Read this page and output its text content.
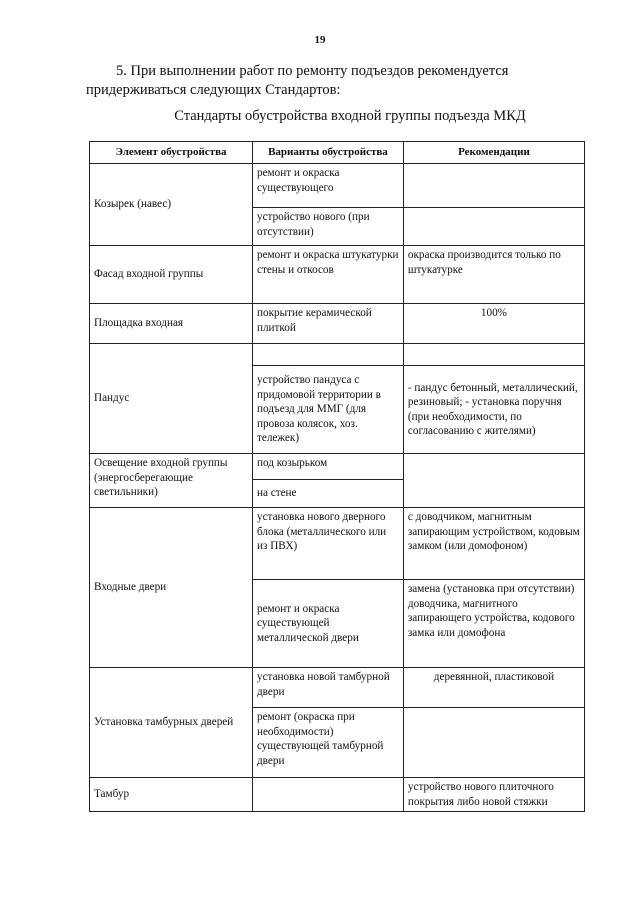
19
5. При выполнении работ по ремонту подъездов рекомендуется придерживаться следующих Стандартов:
Стандарты обустройства входной группы подъезда МКД
Элемент обустройства	Варианты обустройства	Рекомендации
Козырек (навес)	ремонт и окраска существующего	
	устройство нового (при отсутствии)	
Фасад входной группы	ремонт и окраска штукатурки стены и откосов	окраска производится только по штукатурке
Площадка входная	покрытие керамической плиткой	100%
Пандус		
	устройство пандуса с придомовой территории в подъезд для ММГ (для провоза колясок, хоз. тележек)	- пандус бетонный, металлический, резиновый; - установка поручня (при необходимости, по согласованию с жителями)
Освещение входной группы (энергосберегающие светильники)	под козырьком	
	на стене	
Входные двери	установка нового дверного блока (металлического или из ПВХ)	с доводчиком, магнитным запирающим устройством, кодовым замком (или домофоном)
	ремонт и окраска существующей металлической двери	замена (установка при отсутствии) доводчика, магнитного запирающего устройства, кодового замка или домофона
Установка тамбурных дверей	установка новой тамбурной двери	деревянной, пластиковой
	ремонт (окраска при необходимости) существующей тамбурной двери	
Тамбур		устройство нового плиточного покрытия либо новой стяжки
